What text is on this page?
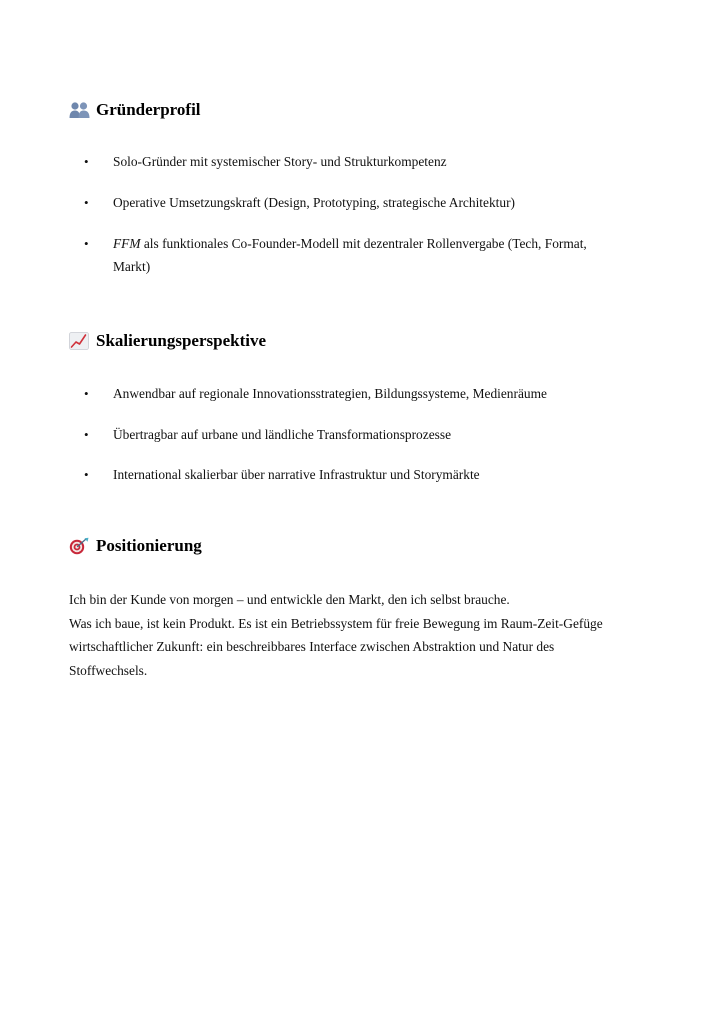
Gründerprofil
• Solo-Gründer mit systemischer Story- und Strukturkompetenz
• Operative Umsetzungskraft (Design, Prototyping, strategische Architektur)
• FFM als funktionales Co-Founder-Modell mit dezentraler Rollenvergabe (Tech, Format,
Markt)
Skalierungsperspektive
• Anwendbar auf regionale Innovationsstrategien, Bildungssysteme, Medienräume
• Übertragbar auf urbane und ländliche Transformationsprozesse
• International skalierbar über narrative Infrastruktur und Storymärkte
Positionierung
Ich bin der Kunde von morgen – und entwickle den Markt, den ich selbst brauche.
Was ich baue, ist kein Produkt. Es ist ein Betriebssystem für freie Bewegung im Raum-Zeit-Gefüge
wirtschaftlicher Zukunft: ein beschreibbares Interface zwischen Abstraktion und Natur des
Stoffwechsels.
